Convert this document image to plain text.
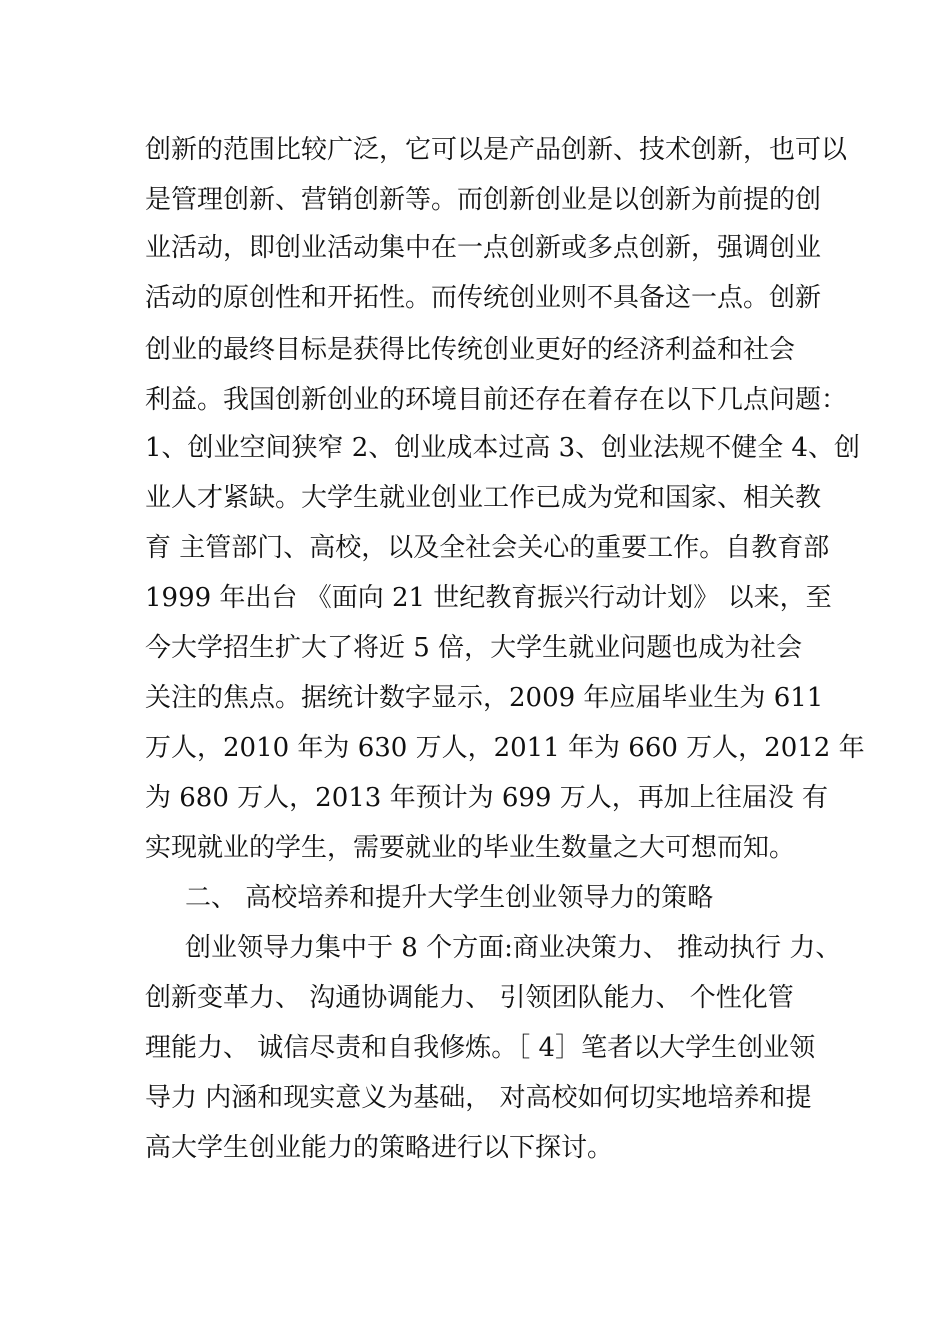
创新的范围比较广泛，它可以是产品创新、技术创新，也可以
是管理创新、营销创新等。而创新创业是以创新为前提的创
业活动，即创业活动集中在一点创新或多点创新，强调创业
活动的原创性和开拓性。而传统创业则不具备这一点。创新
创业的最终目标是获得比传统创业更好的经济利益和社会
利益。我国创新创业的环境目前还存在着存在以下几点问题：
1、创业空间狭窄 2、创业成本过高 3、创业法规不健全 4、创
业人才紧缺。大学生就业创业工作已成为党和国家、相关教
育 主管部门、高校，以及全社会关心的重要工作。自教育部
1999 年出台 《面向 21 世纪教育振兴行动计划》 以来，至
今大学招生扩大了将近 5 倍，大学生就业问题也成为社会
关注的焦点。据统计数字显示，2009 年应届毕业生为 611
万人，2010 年为 630 万人，2011 年为 660 万人，2012 年
为 680 万人，2013 年预计为 699 万人，再加上往届没 有
实现就业的学生，需要就业的毕业生数量之大可想而知。
二、 高校培养和提升大学生创业领导力的策略
创业领导力集中于 8 个方面:商业决策力、 推动执行 力、
创新变革力、 沟通协调能力、 引领团队能力、 个性化管
理能力、 诚信尽责和自我修炼。［ 4］笔者以大学生创业领
导力 内涵和现实意义为基础， 对高校如何切实地培养和提
高大学生创业能力的策略进行以下探讨。
